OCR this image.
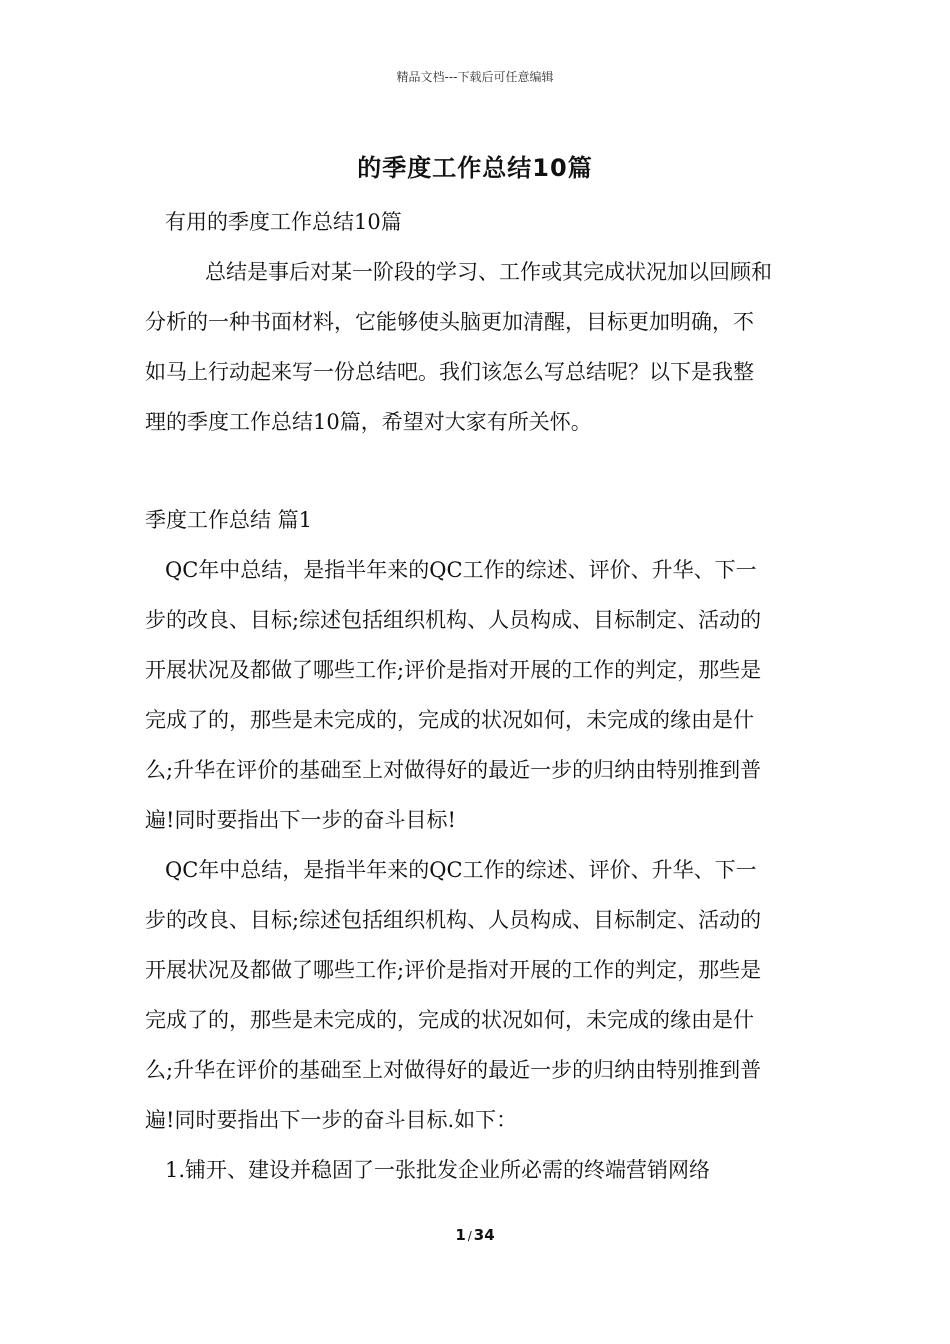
精品文档---下载后可任意编辑
的季度工作总结10篇
有用的季度工作总结10篇
总结是事后对某一阶段的学习、工作或其完成状况加以回顾和
分析的一种书面材料，它能够使头脑更加清醒，目标更加明确，不
如马上行动起来写一份总结吧。我们该怎么写总结呢？以下是我整
理的季度工作总结10篇，希望对大家有所关怀。
季度工作总结 篇1
QC年中总结，是指半年来的QC工作的综述、评价、升华、下一
步的改良、目标;综述包括组织机构、人员构成、目标制定、活动的
开展状况及都做了哪些工作;评价是指对开展的工作的判定，那些是
完成了的，那些是未完成的，完成的状况如何，未完成的缘由是什
么;升华在评价的基础至上对做得好的最近一步的归纳由特别推到普
遍!同时要指出下一步的奋斗目标!
QC年中总结，是指半年来的QC工作的综述、评价、升华、下一
步的改良、目标;综述包括组织机构、人员构成、目标制定、活动的
开展状况及都做了哪些工作;评价是指对开展的工作的判定，那些是
完成了的，那些是未完成的，完成的状况如何，未完成的缘由是什
么;升华在评价的基础至上对做得好的最近一步的归纳由特别推到普
遍!同时要指出下一步的奋斗目标.如下：
1.铺开、建设并稳固了一张批发企业所必需的终端营销网络
1 / 34
